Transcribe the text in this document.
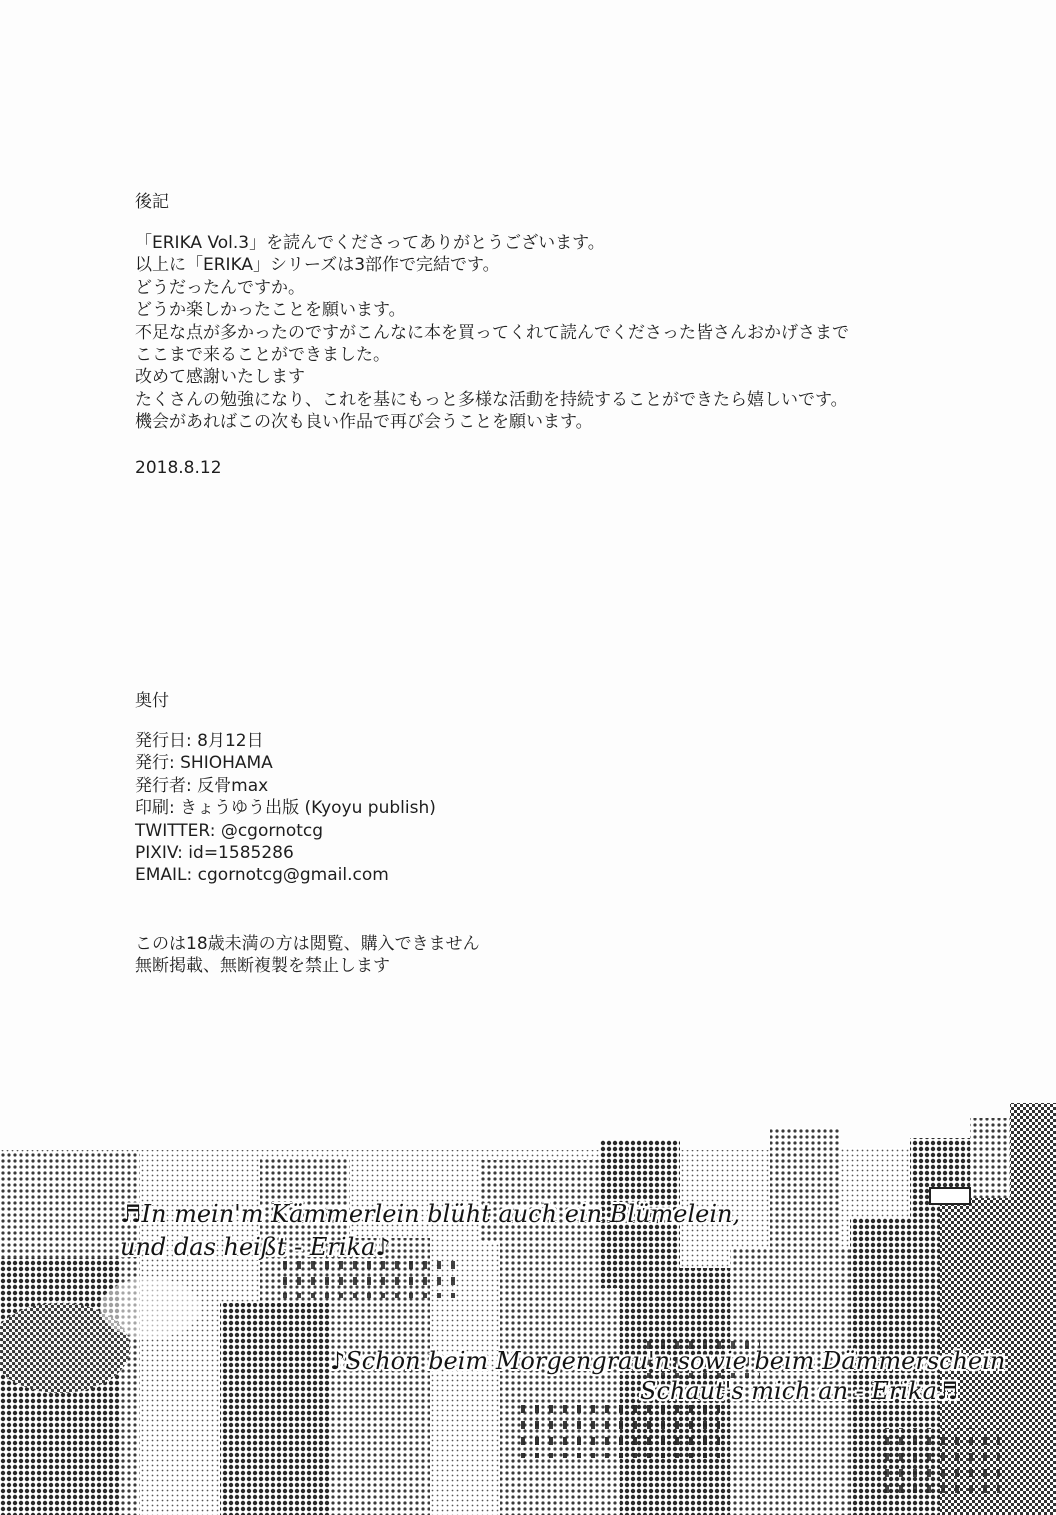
後記
「ERIKA Vol.3」を読んでくださってありがとうございます。
以上に「ERIKA」シリーズは3部作で完結です。
どうだったんですか。
どうか楽しかったことを願います。
不足な点が多かったのですがこんなに本を買ってくれて読んでくださった皆さんおかげさまで
ここまで来ることができました。
改めて感謝いたします
たくさんの勉強になり、これを基にもっと多様な活動を持続することができたら嬉しいです。
機会があればこの次も良い作品で再び会うことを願います。
2018.8.12
奥付
発行日: 8月12日
発行: SHIOHAMA
発行者: 反骨max
印刷: きょうゆう出版 (Kyoyu publish)
TWITTER: @cgornotcg
PIXIV: id=1585286
EMAIL: cgornotcg@gmail.com
このは18歳未満の方は閲覧、購入できません
無断掲載、無断複製を禁止します
♬In mein'm Kämmerlein blüht auch ein Blümelein,
und das heißt - Erika♪
♪Schon beim Morgengrau'n sowie beim Dämmerschein
Schaut's mich an - Erika♬
